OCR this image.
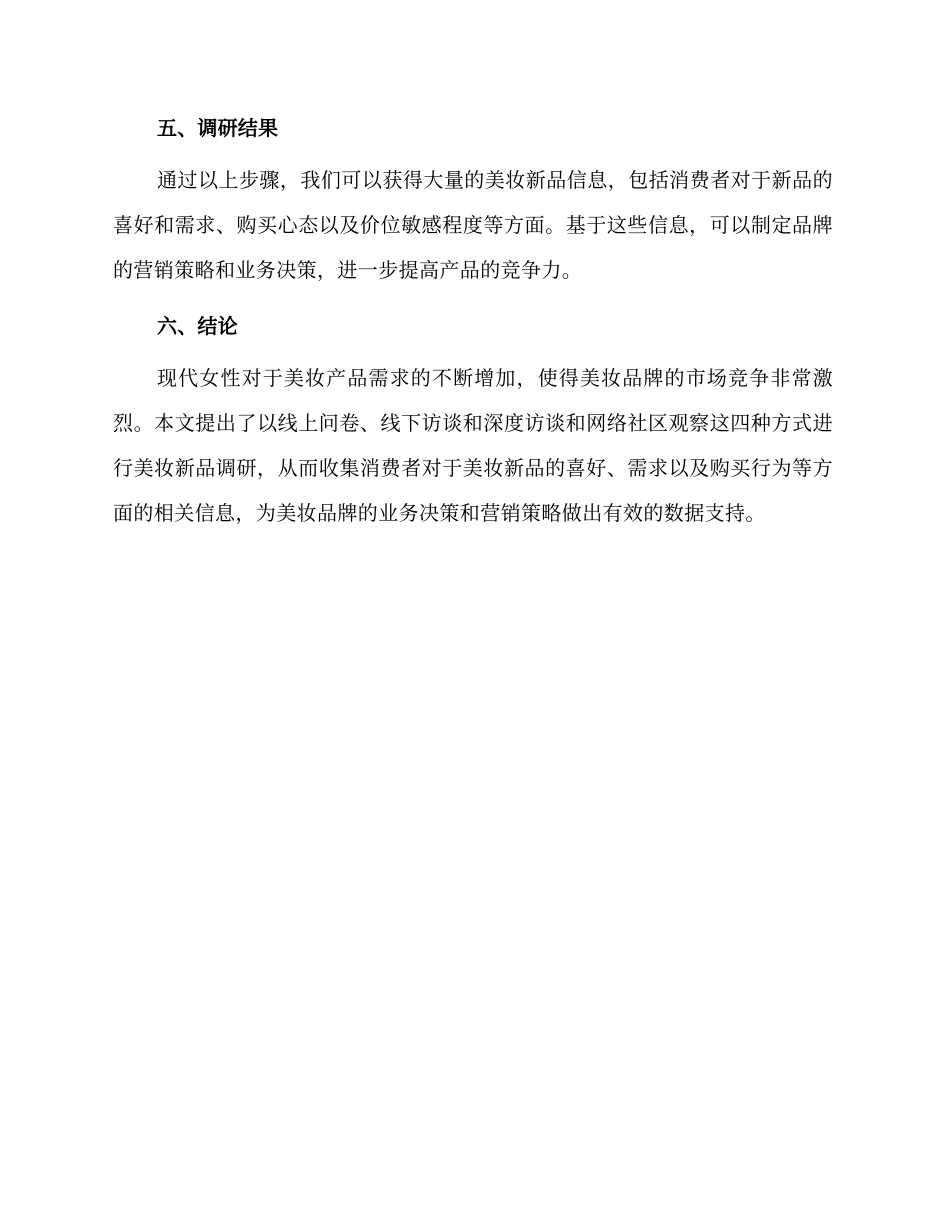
五、调研结果

通过以上步骤，我们可以获得大量的美妆新品信息，包括消费者对于新品的喜好和需求、购买心态以及价位敏感程度等方面。基于这些信息，可以制定品牌的营销策略和业务决策，进一步提高产品的竞争力。

六、结论

现代女性对于美妆产品需求的不断增加，使得美妆品牌的市场竞争非常激烈。本文提出了以线上问卷、线下访谈和深度访谈和网络社区观察这四种方式进行美妆新品调研，从而收集消费者对于美妆新品的喜好、需求以及购买行为等方面的相关信息，为美妆品牌的业务决策和营销策略做出有效的数据支持。
